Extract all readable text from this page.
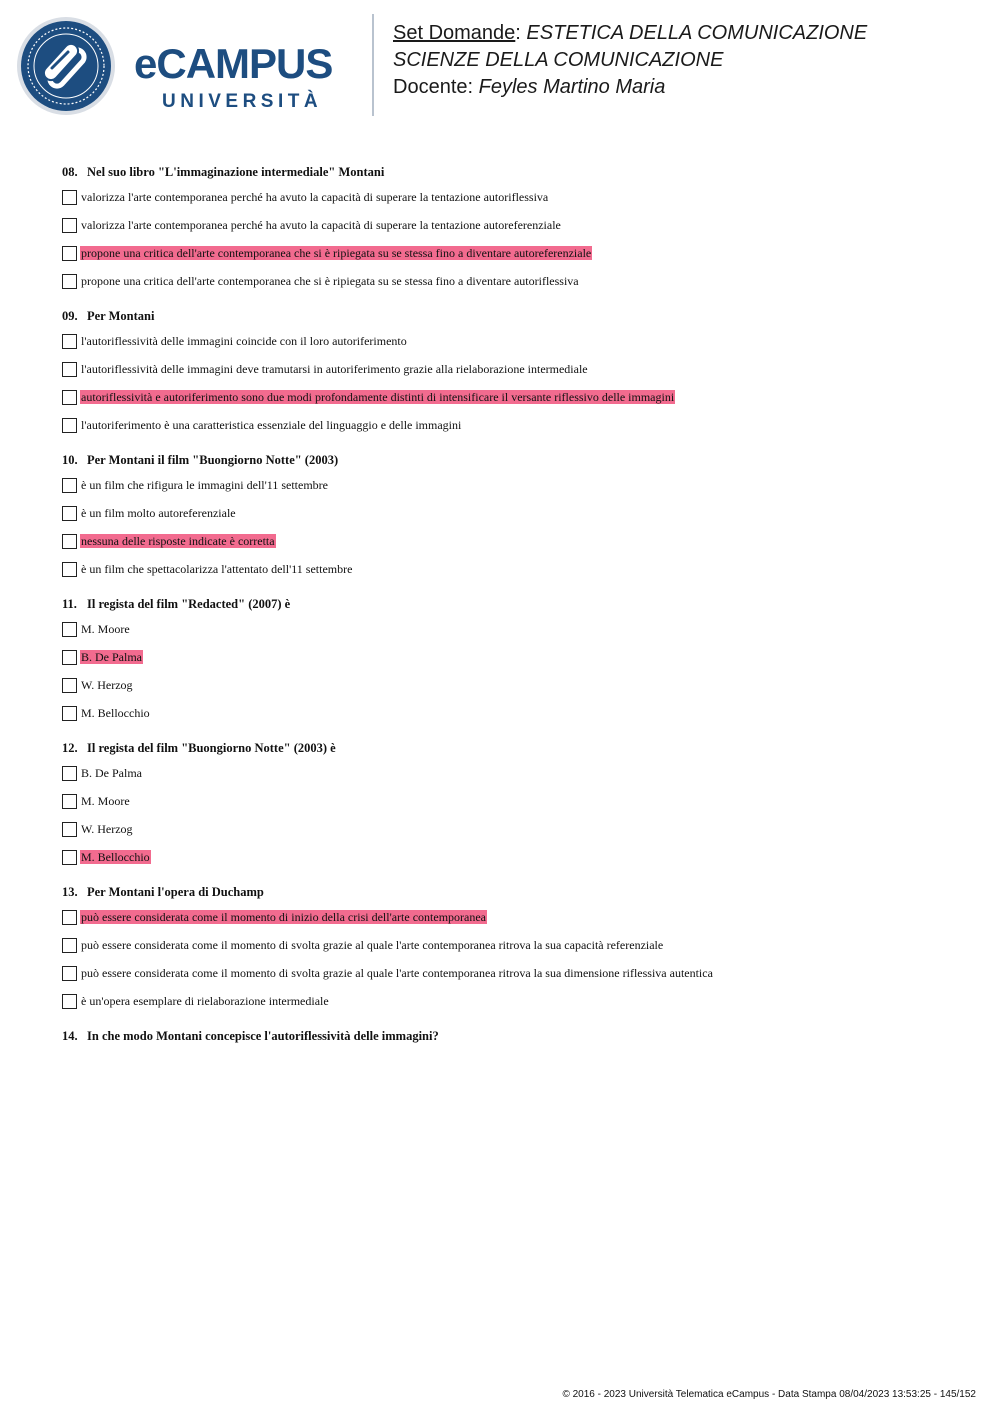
eCAMPUS
UNIVERSITÀ
Set Domande: ESTETICA DELLA COMUNICAZIONE
SCIENZE DELLA COMUNICAZIONE
Docente: Feyles Martino Maria
08. Nel suo libro "L'immaginazione intermediale" Montani
valorizza l'arte contemporanea perché ha avuto la capacità di superare la tentazione autoriflessiva
valorizza l'arte contemporanea perché ha avuto la capacità di superare la tentazione autoreferenziale
propone una critica dell'arte contemporanea che si è ripiegata su se stessa fino a diventare autoreferenziale
propone una critica dell'arte contemporanea che si è ripiegata su se stessa fino a diventare autoriflessiva
09. Per Montani
l'autoriflessività delle immagini coincide con il loro autoriferimento
l'autoriflessività delle immagini deve tramutarsi in autoriferimento grazie alla rielaborazione intermediale
autoriflessività e autoriferimento sono due modi profondamente distinti di intensificare il versante riflessivo delle immagini
l'autoriferimento è una caratteristica essenziale del linguaggio e delle immagini
10. Per Montani il film "Buongiorno Notte" (2003)
è un film che rifigura le immagini dell'11 settembre
è un film molto autoreferenziale
nessuna delle risposte indicate è corretta
è un film che spettacolarizza l'attentato dell'11 settembre
11. Il regista del film "Redacted" (2007) è
M. Moore
B. De Palma
W. Herzog
M. Bellocchio
12. Il regista del film "Buongiorno Notte" (2003) è
B. De Palma
M. Moore
W. Herzog
M. Bellocchio
13. Per Montani l'opera di Duchamp
può essere considerata come il momento di inizio della crisi dell'arte contemporanea
può essere considerata come il momento di svolta grazie al quale l'arte contemporanea ritrova la sua capacità referenziale
può essere considerata come il momento di svolta grazie al quale l'arte contemporanea ritrova la sua dimensione riflessiva autentica
è un'opera esemplare di rielaborazione intermediale
14. In che modo Montani concepisce l'autoriflessività delle immagini?
© 2016 - 2023 Università Telematica eCampus - Data Stampa 08/04/2023 13:53:25 - 145/152
